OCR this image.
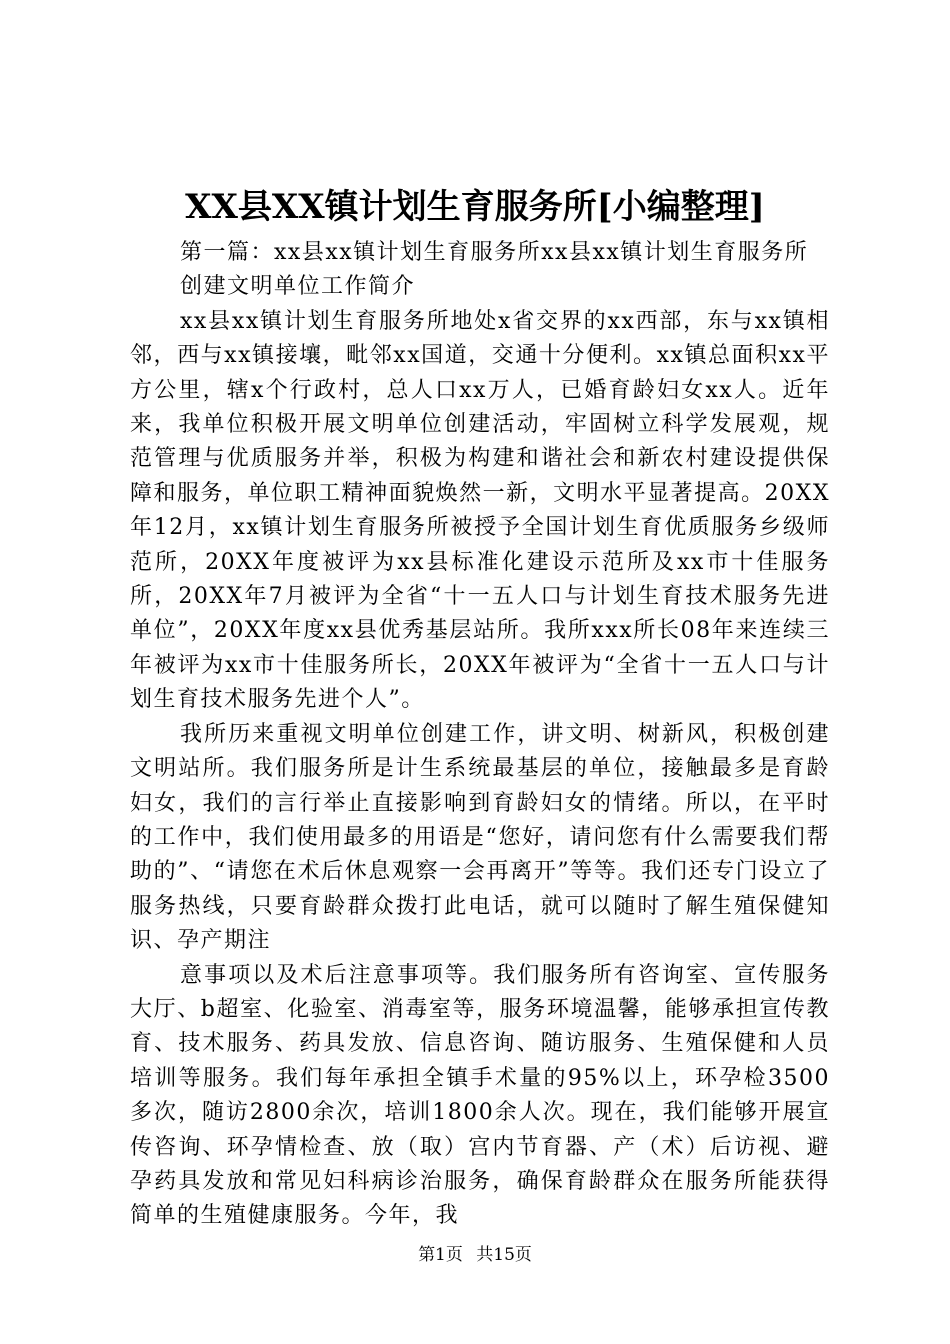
XX县XX镇计划生育服务所[小编整理]

第一篇：xx县xx镇计划生育服务所xx县xx镇计划生育服务所

创建文明单位工作简介

xx县xx镇计划生育服务所地处x省交界的xx西部，东与xx镇相邻，西与xx镇接壤，毗邻xx国道，交通十分便利。xx镇总面积xx平方公里，辖x个行政村，总人口xx万人，已婚育龄妇女xx人。近年来，我单位积极开展文明单位创建活动，牢固树立科学发展观，规范管理与优质服务并举，积极为构建和谐社会和新农村建设提供保障和服务，单位职工精神面貌焕然一新，文明水平显著提高。20XX年12月，xx镇计划生育服务所被授予全国计划生育优质服务乡级师范所，20XX年度被评为xx县标准化建设示范所及xx市十佳服务所，20XX年7月被评为全省“十一五人口与计划生育技术服务先进单位”，20XX年度xx县优秀基层站所。我所xxx所长08年来连续三年被评为xx市十佳服务所长，20XX年被评为“全省十一五人口与计划生育技术服务先进个人”。

我所历来重视文明单位创建工作，讲文明、树新风，积极创建文明站所。我们服务所是计生系统最基层的单位，接触最多是育龄妇女，我们的言行举止直接影响到育龄妇女的情绪。所以，在平时的工作中，我们使用最多的用语是“您好，请问您有什么需要我们帮助的”、“请您在术后休息观察一会再离开”等等。我们还专门设立了服务热线，只要育龄群众拨打此电话，就可以随时了解生殖保健知识、孕产期注

意事项以及术后注意事项等。我们服务所有咨询室、宣传服务大厅、b超室、化验室、消毒室等，服务环境温馨，能够承担宣传教育、技术服务、药具发放、信息咨询、随访服务、生殖保健和人员培训等服务。我们每年承担全镇手术量的95%以上，环孕检3500多次，随访2800余次，培训1800余人次。现在，我们能够开展宣传咨询、环孕情检查、放（取）宫内节育器、产（术）后访视、避孕药具发放和常见妇科病诊治服务，确保育龄群众在服务所能获得简单的生殖健康服务。今年，我

第1页 共15页
